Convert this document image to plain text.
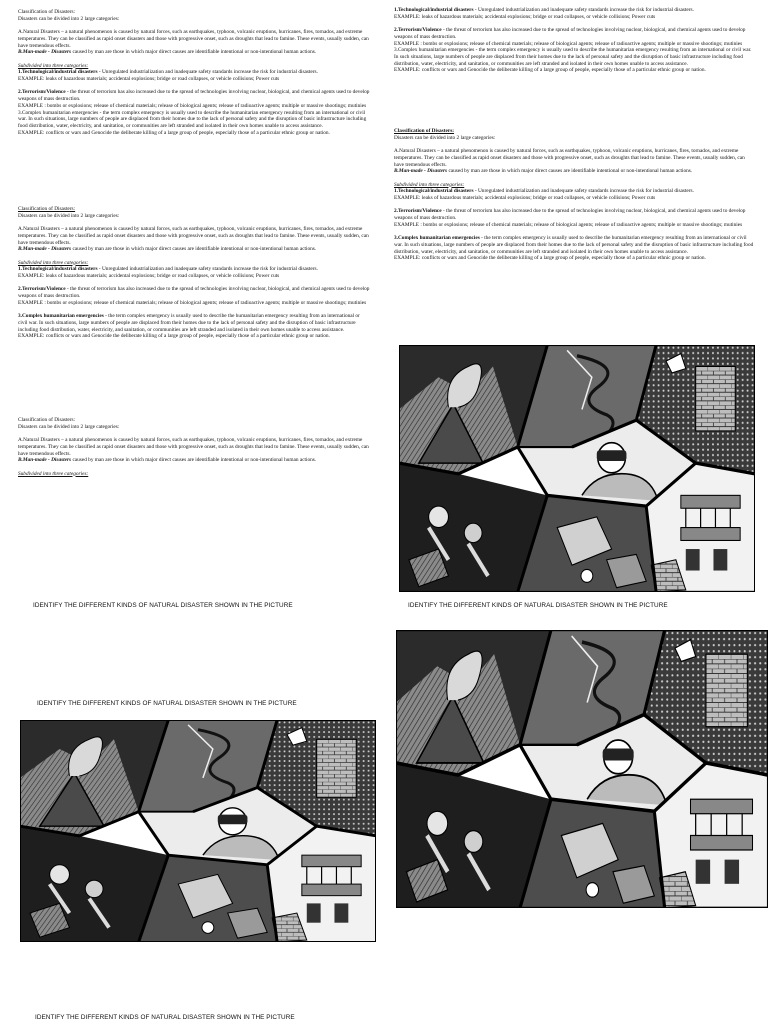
Classification of Disasters:

Disasters can be divided into 2 large categories:

A.Natural Disasters – a natural phenomenon is caused by natural forces, such as earthquakes, typhoon, volcanic eruptions, hurricanes, fires, tornados, and extreme temperatures. They can be classified as rapid onset disasters and those with progressive onset, such as droughts that lead to famine. These events, usually sudden, can have tremendous effects.

B.Man-made - Disasters caused by man are those in which major direct causes are identifiable intentional or non-intentional human actions.

Subdivided into three categories:

1.Technological/industrial disasters - Unregulated industrialization and inadequate safety standards increase the risk for industrial disasters.

EXAMPLE: leaks of hazardous materials; accidental explosions; bridge or road collapses, or vehicle collisions; Power cuts

2.Terrorism/Violence - the threat of terrorism has also increased due to the spread of technologies involving nuclear, biological, and chemical agents used to develop weapons of mass destruction.

EXAMPLE : bombs or explosions; release of chemical materials; release of biological agents; release of radioactive agents; multiple or massive shootings; mutinies

3.Complex humanitarian emergencies - the term complex emergency is usually used to describe the humanitarian emergency resulting from an international or civil war. In such situations, large numbers of people are displaced from their homes due to the lack of personal safety and the disruption of basic infrastructure including food distribution, water, electricity, and sanitation, or communities are left stranded and isolated in their own homes unable to access assistance.

EXAMPLE: conflicts or wars and Genocide the deliberate killing of a large group of people, especially those of a particular ethnic group or nation.

Classification of Disasters:

Disasters can be divided into 2 large categories:

A.Natural Disasters – a natural phenomenon is caused by natural forces, such as earthquakes, typhoon, volcanic eruptions, hurricanes, fires, tornados, and extreme temperatures. They can be classified as rapid onset disasters and those with progressive onset, such as droughts that lead to famine. These events, usually sudden, can have tremendous effects.

B.Man-made - Disasters caused by man are those in which major direct causes are identifiable intentional or non-intentional human actions.

Subdivided into three categories:

1.Technological/industrial disasters - Unregulated industrialization and inadequate safety standards increase the risk for industrial disasters.

EXAMPLE: leaks of hazardous materials; accidental explosions; bridge or road collapses, or vehicle collisions; Power cuts

2.Terrorism/Violence - the threat of terrorism has also increased due to the spread of technologies involving nuclear, biological, and chemical agents used to develop weapons of mass destruction.

EXAMPLE : bombs or explosions; release of chemical materials; release of biological agents; release of radioactive agents; multiple or massive shootings; mutinies

3.Complex humanitarian emergencies - the term complex emergency is usually used to describe the humanitarian emergency resulting from an international or civil war. In such situations, large numbers of people are displaced from their homes due to the lack of personal safety and the disruption of basic infrastructure including food distribution, water, electricity, and sanitation, or communities are left stranded and isolated in their own homes unable to access assistance.

EXAMPLE: conflicts or wars and Genocide the deliberate killing of a large group of people, especially those of a particular ethnic group or nation.

Classification of Disasters:

Disasters can be divided into 2 large categories:

A.Natural Disasters – a natural phenomenon is caused by natural forces, such as earthquakes, typhoon, volcanic eruptions, hurricanes, fires, tornados, and extreme temperatures. They can be classified as rapid onset disasters and those with progressive onset, such as droughts that lead to famine. These events, usually sudden, can have tremendous effects.

B.Man-made - Disasters caused by man are those in which major direct causes are identifiable intentional or non-intentional human actions.

Subdivided into three categories:

1.Technological/industrial disasters - Unregulated industrialization and inadequate safety standards increase the risk for industrial disasters.

EXAMPLE: leaks of hazardous materials; accidental explosions; bridge or road collapses, or vehicle collisions; Power cuts

2.Terrorism/Violence - the threat of terrorism has also increased due to the spread of technologies involving nuclear, biological, and chemical agents used to develop weapons of mass destruction.

EXAMPLE : bombs or explosions; release of chemical materials; release of biological agents; release of radioactive agents; multiple or massive shootings; mutinies

3.Complex humanitarian emergencies - the term complex emergency is usually used to describe the humanitarian emergency resulting from an international or civil war. In such situations, large numbers of people are displaced from their homes due to the lack of personal safety and the disruption of basic infrastructure including food distribution, water, electricity, and sanitation, or communities are left stranded and isolated in their own homes unable to access assistance.

EXAMPLE: conflicts or wars and Genocide the deliberate killing of a large group of people, especially those of a particular ethnic group or nation.

Classification of Disasters:

Disasters can be divided into 2 large categories:

A.Natural Disasters – a natural phenomenon is caused by natural forces, such as earthquakes, typhoon, volcanic eruptions, hurricanes, fires, tornados, and extreme temperatures. They can be classified as rapid onset disasters and those with progressive onset, such as droughts that lead to famine. These events, usually sudden, can have tremendous effects.

B.Man-made - Disasters caused by man are those in which major direct causes are identifiable intentional or non-intentional human actions.

Subdivided into three categories:

1.Technological/industrial disasters - Unregulated industrialization and inadequate safety standards increase the risk for industrial disasters.

EXAMPLE: leaks of hazardous materials; accidental explosions; bridge or road collapses, or vehicle collisions; Power cuts

2.Terrorism/Violence - the threat of terrorism has also increased due to the spread of technologies involving nuclear, biological, and chemical agents used to develop weapons of mass destruction.

EXAMPLE : bombs or explosions; release of chemical materials; release of biological agents; release of radioactive agents; multiple or massive shootings; mutinies

3.Complex humanitarian emergencies - the term complex emergency is usually used to describe the humanitarian emergency resulting from an international or civil war. In such situations, large numbers of people are displaced from their homes due to the lack of personal safety and the disruption of basic infrastructure including food distribution, water, electricity, and sanitation, or communities are left stranded and isolated in their own homes unable to access assistance.

EXAMPLE: conflicts or wars and Genocide the deliberate killing of a large group of people, especially those of a particular ethnic group or nation.

IDENTIFY THE DIFFERENT KINDS OF NATURAL DISASTER SHOWN IN THE PICTURE	IDENTIFY THE DIFFERENT KINDS OF NATURAL DISASTER SHOWN IN THE PICTURE
IDENTIFY THE DIFFERENT KINDS OF NATURAL DISASTER SHOWN IN THE PICTURE
IDENTIFY THE DIFFERENT KINDS OF NATURAL DISASTER SHOWN IN THE PICTURE
